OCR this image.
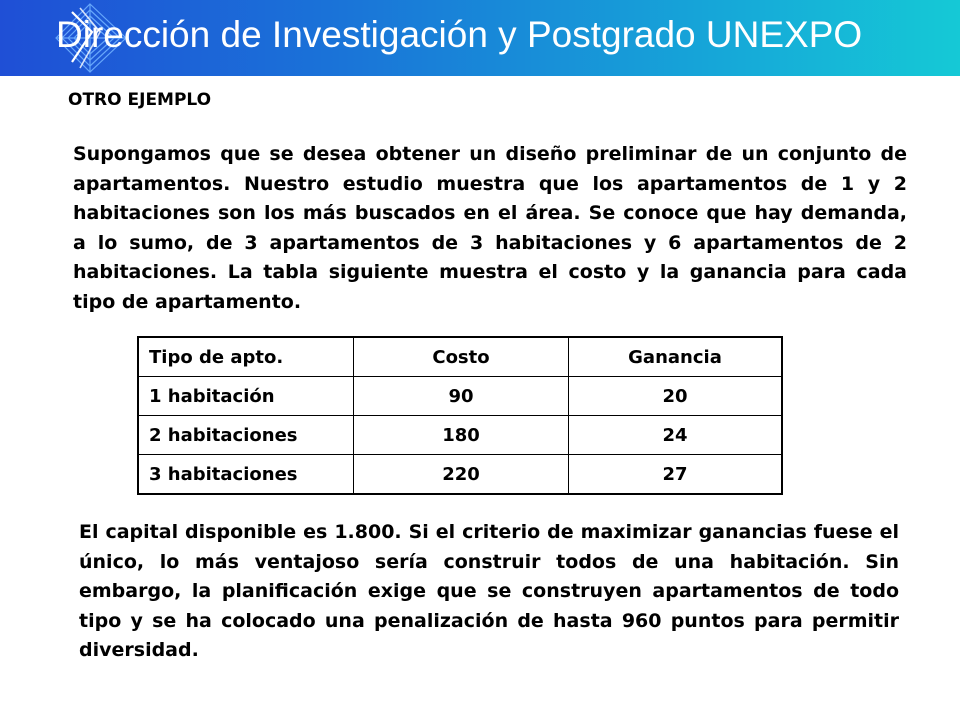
Dirección de Investigación y Postgrado UNEXPO
OTRO EJEMPLO
Supongamos que se desea obtener un diseño preliminar de un conjunto de apartamentos. Nuestro estudio muestra que los apartamentos de 1 y 2 habitaciones son los más buscados en el área. Se conoce que hay demanda, a lo sumo, de 3 apartamentos de 3 habitaciones y 6 apartamentos de 2 habitaciones. La tabla siguiente muestra el costo y la ganancia para cada tipo de apartamento.
Tipo de apto.	Costo	Ganancia
1 habitación	90	20
2 habitaciones	180	24
3 habitaciones	220	27
El capital disponible es 1.800. Si el criterio de maximizar ganancias fuese el único, lo más ventajoso sería construir todos de una habitación. Sin embargo, la planificación exige que se construyen apartamentos de todo tipo y se ha colocado una penalización de hasta 960 puntos para permitir diversidad.
